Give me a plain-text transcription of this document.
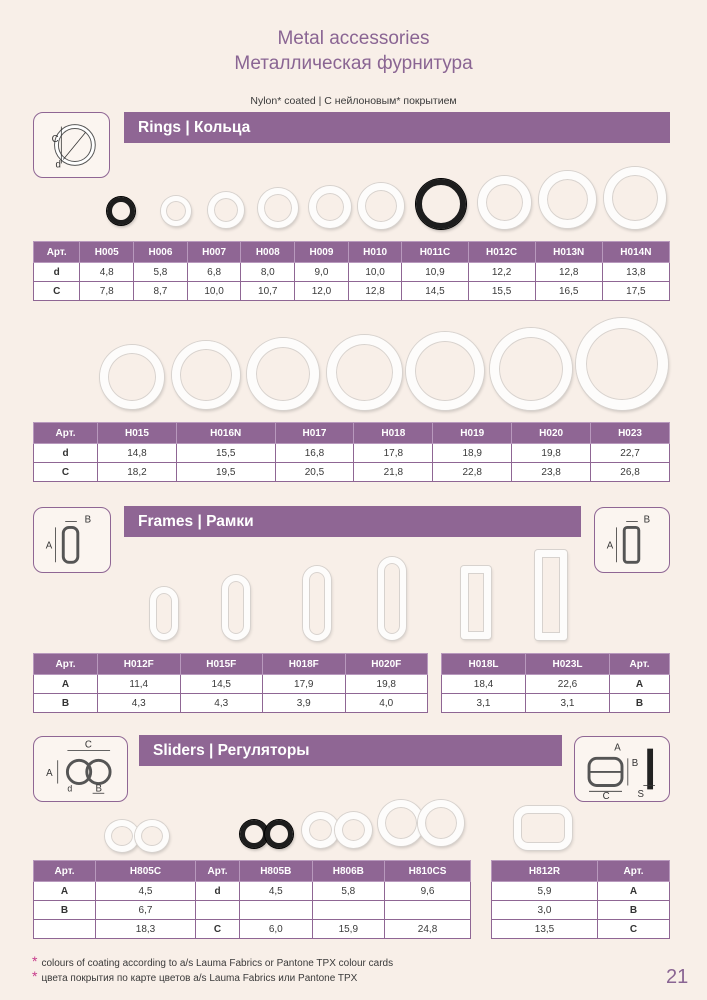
Metal accessories
Металлическая фурнитура
Nylon* coated | С нейлоновым* покрытием
C
d
Rings | Кольца
Арт.	H005	H006	H007	H008	H009	H010	H011C	H012C	H013N	H014N
d	4,8	5,8	6,8	8,0	9,0	10,0	10,9	12,2	12,8	13,8
C	7,8	8,7	10,0	10,7	12,0	12,8	14,5	15,5	16,5	17,5
Арт.	H015	H016N	H017	H018	H019	H020	H023
d	14,8	15,5	16,8	17,8	18,9	19,8	22,7
C	18,2	19,5	20,5	21,8	22,8	23,8	26,8
A
B	Frames | Рамки
A
B
Арт.	H012F	H015F	H018F	H020F
A	11,4	14,5	17,9	19,8
B	4,3	4,3	3,9	4,0
H018L	H023L	Арт.
18,4	22,6	A
3,1	3,1	B
C
A
d B
Sliders | Регуляторы	A
B
C	S
Арт.	H805C	Арт.	H805B	H806B	H810CS
A	4,5	d	4,5	5,8	9,6
B	6,7				
	18,3	C	6,0	15,9	24,8
H812R	Арт.
5,9	A
3,0	B
13,5	C
* colours of coating according to a/s Lauma Fabrics or Pantone TPX colour cards
* цвета покрытия по карте цветов a/s Lauma Fabrics или Pantone TPX	21
